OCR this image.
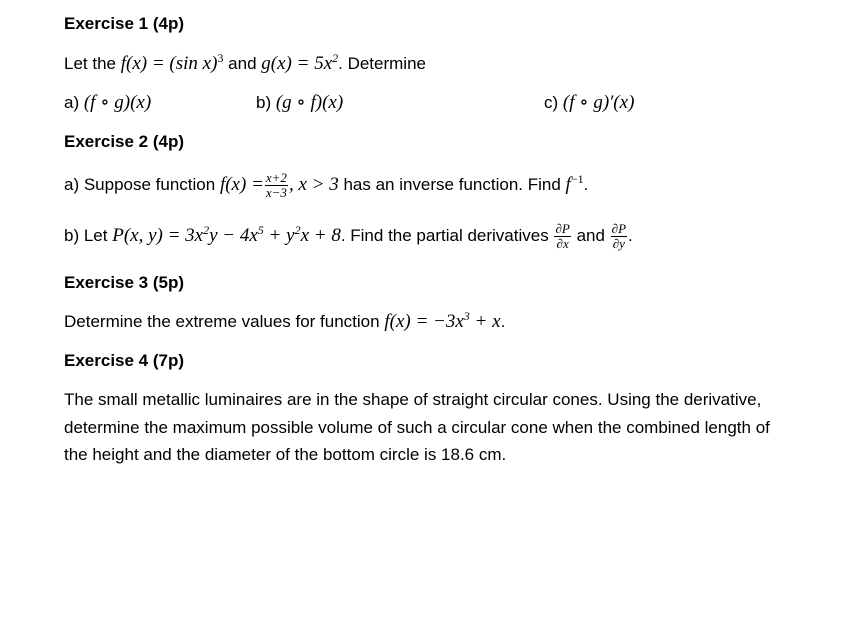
Exercise 1 (4p)
Let the f(x) = (sin x)$^3$ and $g(x) = 5x^2$. Determine
a) (f ∘ g)(x)	b) (g ∘ f)(x)	c) (f ∘ g)′(x)
Exercise 2 (4p)
a) Suppose function $f(x) = \frac{x+2}{x-3}$ , x > 3 has an inverse function. Find $f^{-1}$.
b) Let P(x, $y) = 3x^2y - 4x^5 + y^2x + 8$. Find the partial derivatives $\frac{\partial P}{\partial x}$ and $\frac{\partial P}{\partial y}$ .
Exercise 3 (5p)
Determine the extreme values for function $f(x) = -3x^3 + x$.
Exercise 4 (7p)
The small metallic luminaires are in the shape of straight circular cones. Using the derivative, determine the maximum possible volume of such a circular cone when the combined length of the height and the diameter of the bottom circle is 18.6 cm.
